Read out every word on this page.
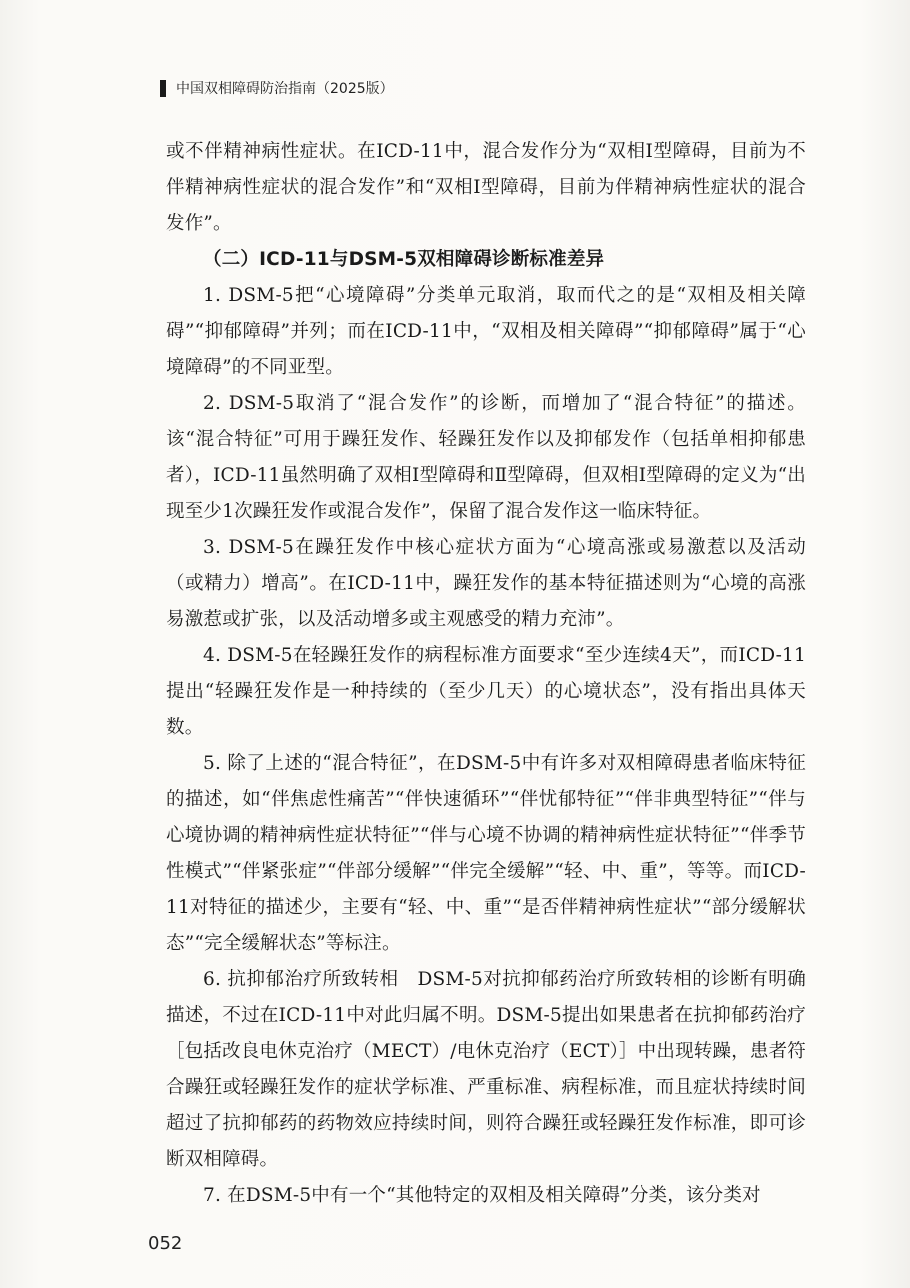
中国双相障碍防治指南（2025版）

或不伴精神病性症状。在ICD-11中，混合发作分为“双相Ⅰ型障碍，目前为不伴精神病性症状的混合发作”和“双相Ⅰ型障碍，目前为伴精神病性症状的混合发作”。

（二）ICD-11与DSM-5双相障碍诊断标准差异

1. DSM-5把“心境障碍”分类单元取消，取而代之的是“双相及相关障碍”“抑郁障碍”并列；而在ICD-11中，“双相及相关障碍”“抑郁障碍”属于“心境障碍”的不同亚型。

2. DSM-5取消了“混合发作”的诊断，而增加了“混合特征”的描述。该“混合特征”可用于躁狂发作、轻躁狂发作以及抑郁发作（包括单相抑郁患者），ICD-11虽然明确了双相Ⅰ型障碍和Ⅱ型障碍，但双相Ⅰ型障碍的定义为“出现至少1次躁狂发作或混合发作”，保留了混合发作这一临床特征。

3. DSM-5在躁狂发作中核心症状方面为“心境高涨或易激惹以及活动（或精力）增高”。在ICD-11中，躁狂发作的基本特征描述则为“心境的高涨易激惹或扩张，以及活动增多或主观感受的精力充沛”。

4. DSM-5在轻躁狂发作的病程标准方面要求“至少连续4天”，而ICD-11提出“轻躁狂发作是一种持续的（至少几天）的心境状态”，没有指出具体天数。

5. 除了上述的“混合特征”，在DSM-5中有许多对双相障碍患者临床特征的描述，如“伴焦虑性痛苦”“伴快速循环”“伴忧郁特征”“伴非典型特征”“伴与心境协调的精神病性症状特征”“伴与心境不协调的精神病性症状特征”“伴季节性模式”“伴紧张症”“伴部分缓解”“伴完全缓解”“轻、中、重”，等等。而ICD-11对特征的描述少，主要有“轻、中、重”“是否伴精神病性症状”“部分缓解状态”“完全缓解状态”等标注。

6. 抗抑郁治疗所致转相　DSM-5对抗抑郁药治疗所致转相的诊断有明确描述，不过在ICD-11中对此归属不明。DSM-5提出如果患者在抗抑郁药治疗［包括改良电休克治疗（MECT）/电休克治疗（ECT）］中出现转躁，患者符合躁狂或轻躁狂发作的症状学标准、严重标准、病程标准，而且症状持续时间超过了抗抑郁药的药物效应持续时间，则符合躁狂或轻躁狂发作标准，即可诊断双相障碍。

7. 在DSM-5中有一个“其他特定的双相及相关障碍”分类，该分类对

052
